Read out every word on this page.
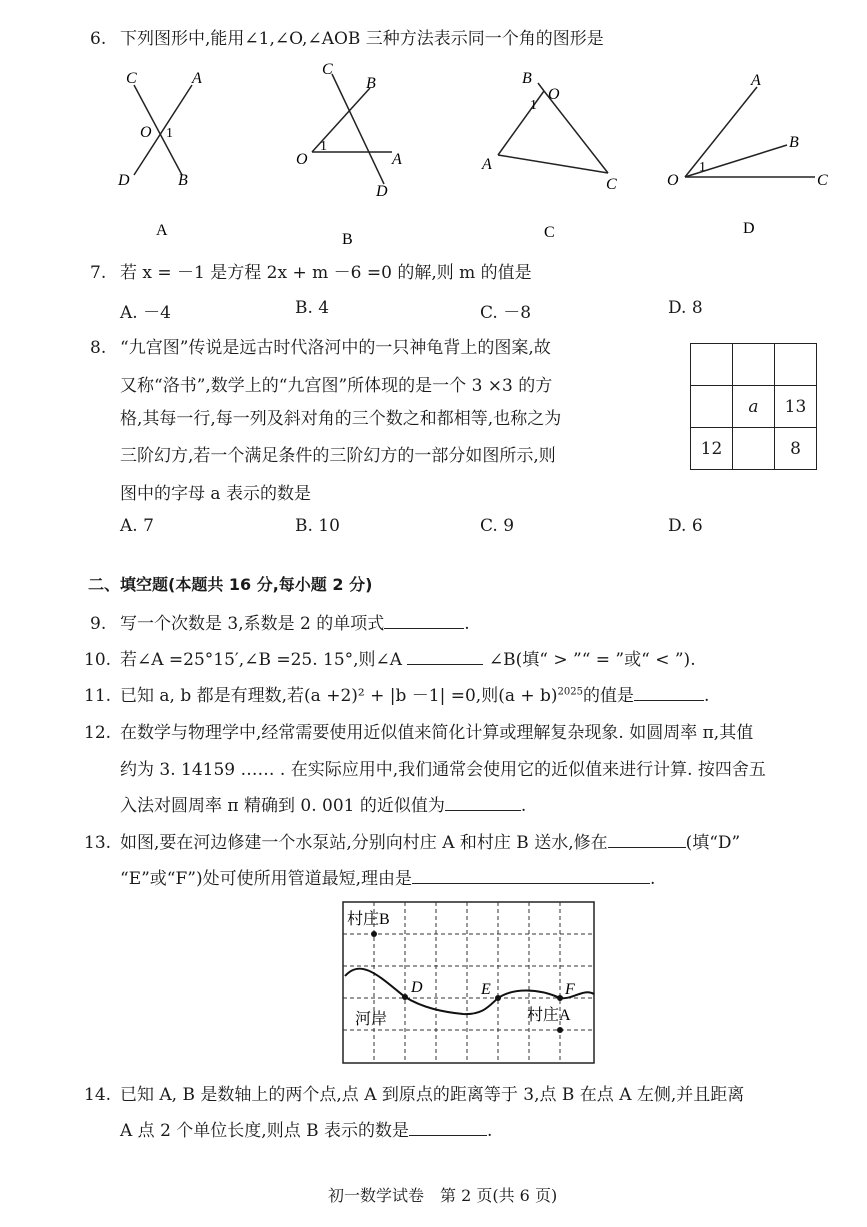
6. 下列图形中,能用∠1,∠O,∠AOB 三种方法表示同一个角的图形是
C	A
O 1
D	B
A
C
B
O
1
A
D
B
B
1
O
A
C
C
A
B
O
1
C
D
7. 若 x = －1 是方程 2x + m －6 =0 的解,则 m 的值是
A. －4	B. 4	C. －8	D. 8
8. “九宫图”传说是远古时代洛河中的一只神龟背上的图案,故
又称“洛书”,数学上的“九宫图”所体现的是一个 3 ×3 的方
格,其每一行,每一列及斜对角的三个数之和都相等,也称之为
三阶幻方,若一个满足条件的三阶幻方的一部分如图所示,则
图中的字母 a 表示的数是

	a	13
12		8
A. 7	B. 10	C. 9	D. 6
二、填空题(本题共 16 分,每小题 2 分)
9. 写一个次数是 3,系数是 2 的单项式	.
10. 若∠A =25°15′,∠B =25. 15°,则∠A	∠B(填“ > ”“ = ”或“ < ”).
11. 已知 a, b 都是有理数,若(a +2)² + |b －1| =0,则$(a + b)^{2025}$的值是	.
12. 在数学与物理学中,经常需要使用近似值来简化计算或理解复杂现象. 如圆周率 π,其值
约为 3. 14159 …… . 在实际应用中,我们通常会使用它的近似值来进行计算. 按四舍五
入法对圆周率 π 精确到 0. 001 的近似值为	.
13. 如图,要在河边修建一个水泵站,分别向村庄 A 和村庄 B 送水,修在	(填“D”
“E”或“F”)处可使所用管道最短,理由是	.
村庄B
D	E	F
河岸	村庄A
14. 已知 A, B 是数轴上的两个点,点 A 到原点的距离等于 3,点 B 在点 A 左侧,并且距离
A 点 2 个单位长度,则点 B 表示的数是	.
初一数学试卷　第 2 页(共 6 页)
